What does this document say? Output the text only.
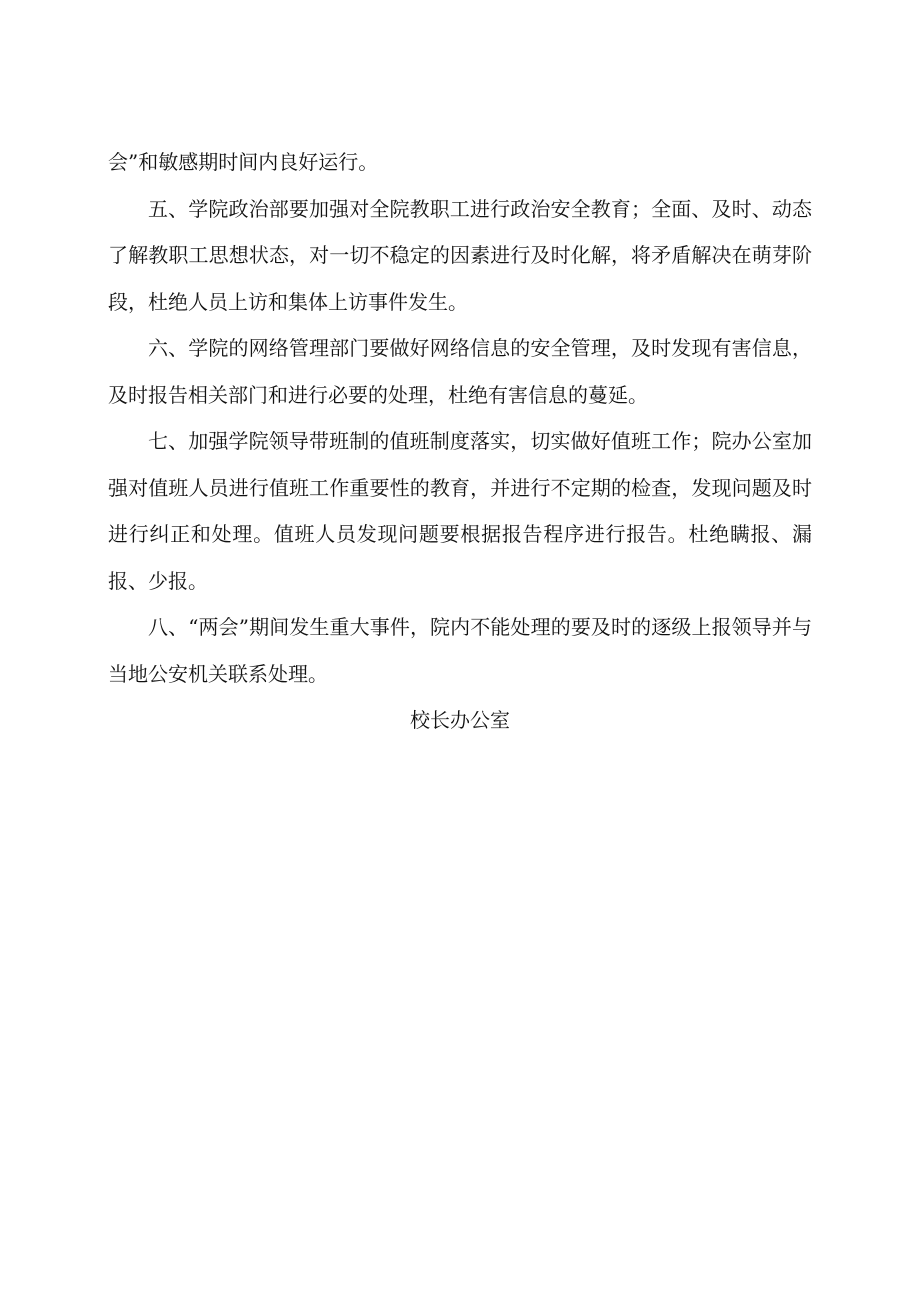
会”和敏感期时间内良好运行。

五、学院政治部要加强对全院教职工进行政治安全教育；全面、及时、动态了解教职工思想状态，对一切不稳定的因素进行及时化解，将矛盾解决在萌芽阶段，杜绝人员上访和集体上访事件发生。

六、学院的网络管理部门要做好网络信息的安全管理，及时发现有害信息，及时报告相关部门和进行必要的处理，杜绝有害信息的蔓延。

七、加强学院领导带班制的值班制度落实，切实做好值班工作；院办公室加强对值班人员进行值班工作重要性的教育，并进行不定期的检查，发现问题及时进行纠正和处理。值班人员发现问题要根据报告程序进行报告。杜绝瞒报、漏报、少报。

八、“两会”期间发生重大事件，院内不能处理的要及时的逐级上报领导并与当地公安机关联系处理。

校长办公室
